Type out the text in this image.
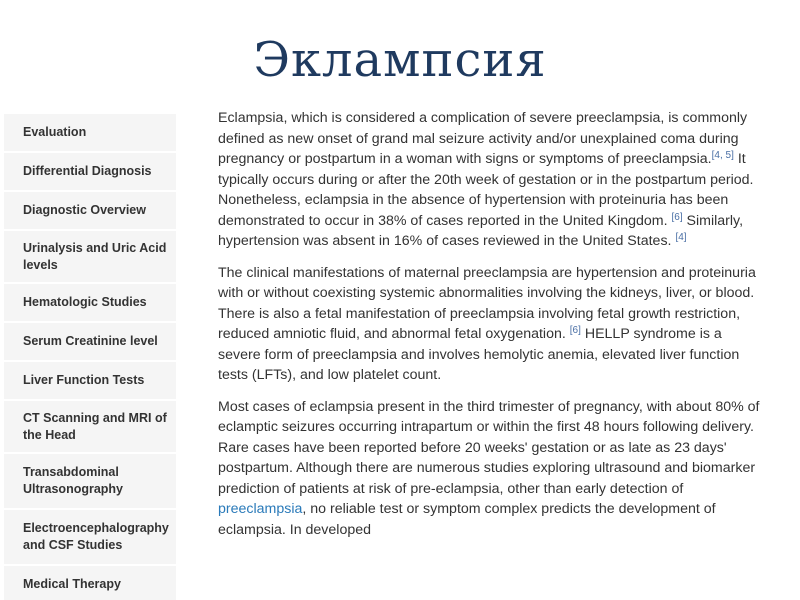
Эклампсия
Evaluation
Differential Diagnosis
Diagnostic Overview
Urinalysis and Uric Acid levels
Hematologic Studies
Serum Creatinine level
Liver Function Tests
CT Scanning and MRI of the Head
Transabdominal Ultrasonography
Electroencephalography and CSF Studies
Medical Therapy

Eclampsia, which is considered a complication of severe preeclampsia, is commonly defined as new onset of grand mal seizure activity and/or unexplained coma during pregnancy or postpartum in a woman with signs or symptoms of preeclampsia.[4, 5] It typically occurs during or after the 20th week of gestation or in the postpartum period. Nonetheless, eclampsia in the absence of hypertension with proteinuria has been demonstrated to occur in 38% of cases reported in the United Kingdom. [6] Similarly, hypertension was absent in 16% of cases reviewed in the United States. [4]

The clinical manifestations of maternal preeclampsia are hypertension and proteinuria with or without coexisting systemic abnormalities involving the kidneys, liver, or blood. There is also a fetal manifestation of preeclampsia involving fetal growth restriction, reduced amniotic fluid, and abnormal fetal oxygenation. [6] HELLP syndrome is a severe form of preeclampsia and involves hemolytic anemia, elevated liver function tests (LFTs), and low platelet count.

Most cases of eclampsia present in the third trimester of pregnancy, with about 80% of eclamptic seizures occurring intrapartum or within the first 48 hours following delivery. Rare cases have been reported before 20 weeks' gestation or as late as 23 days' postpartum. Although there are numerous studies exploring ultrasound and biomarker prediction of patients at risk of pre-eclampsia, other than early detection of preeclampsia, no reliable test or symptom complex predicts the development of eclampsia. In developed
